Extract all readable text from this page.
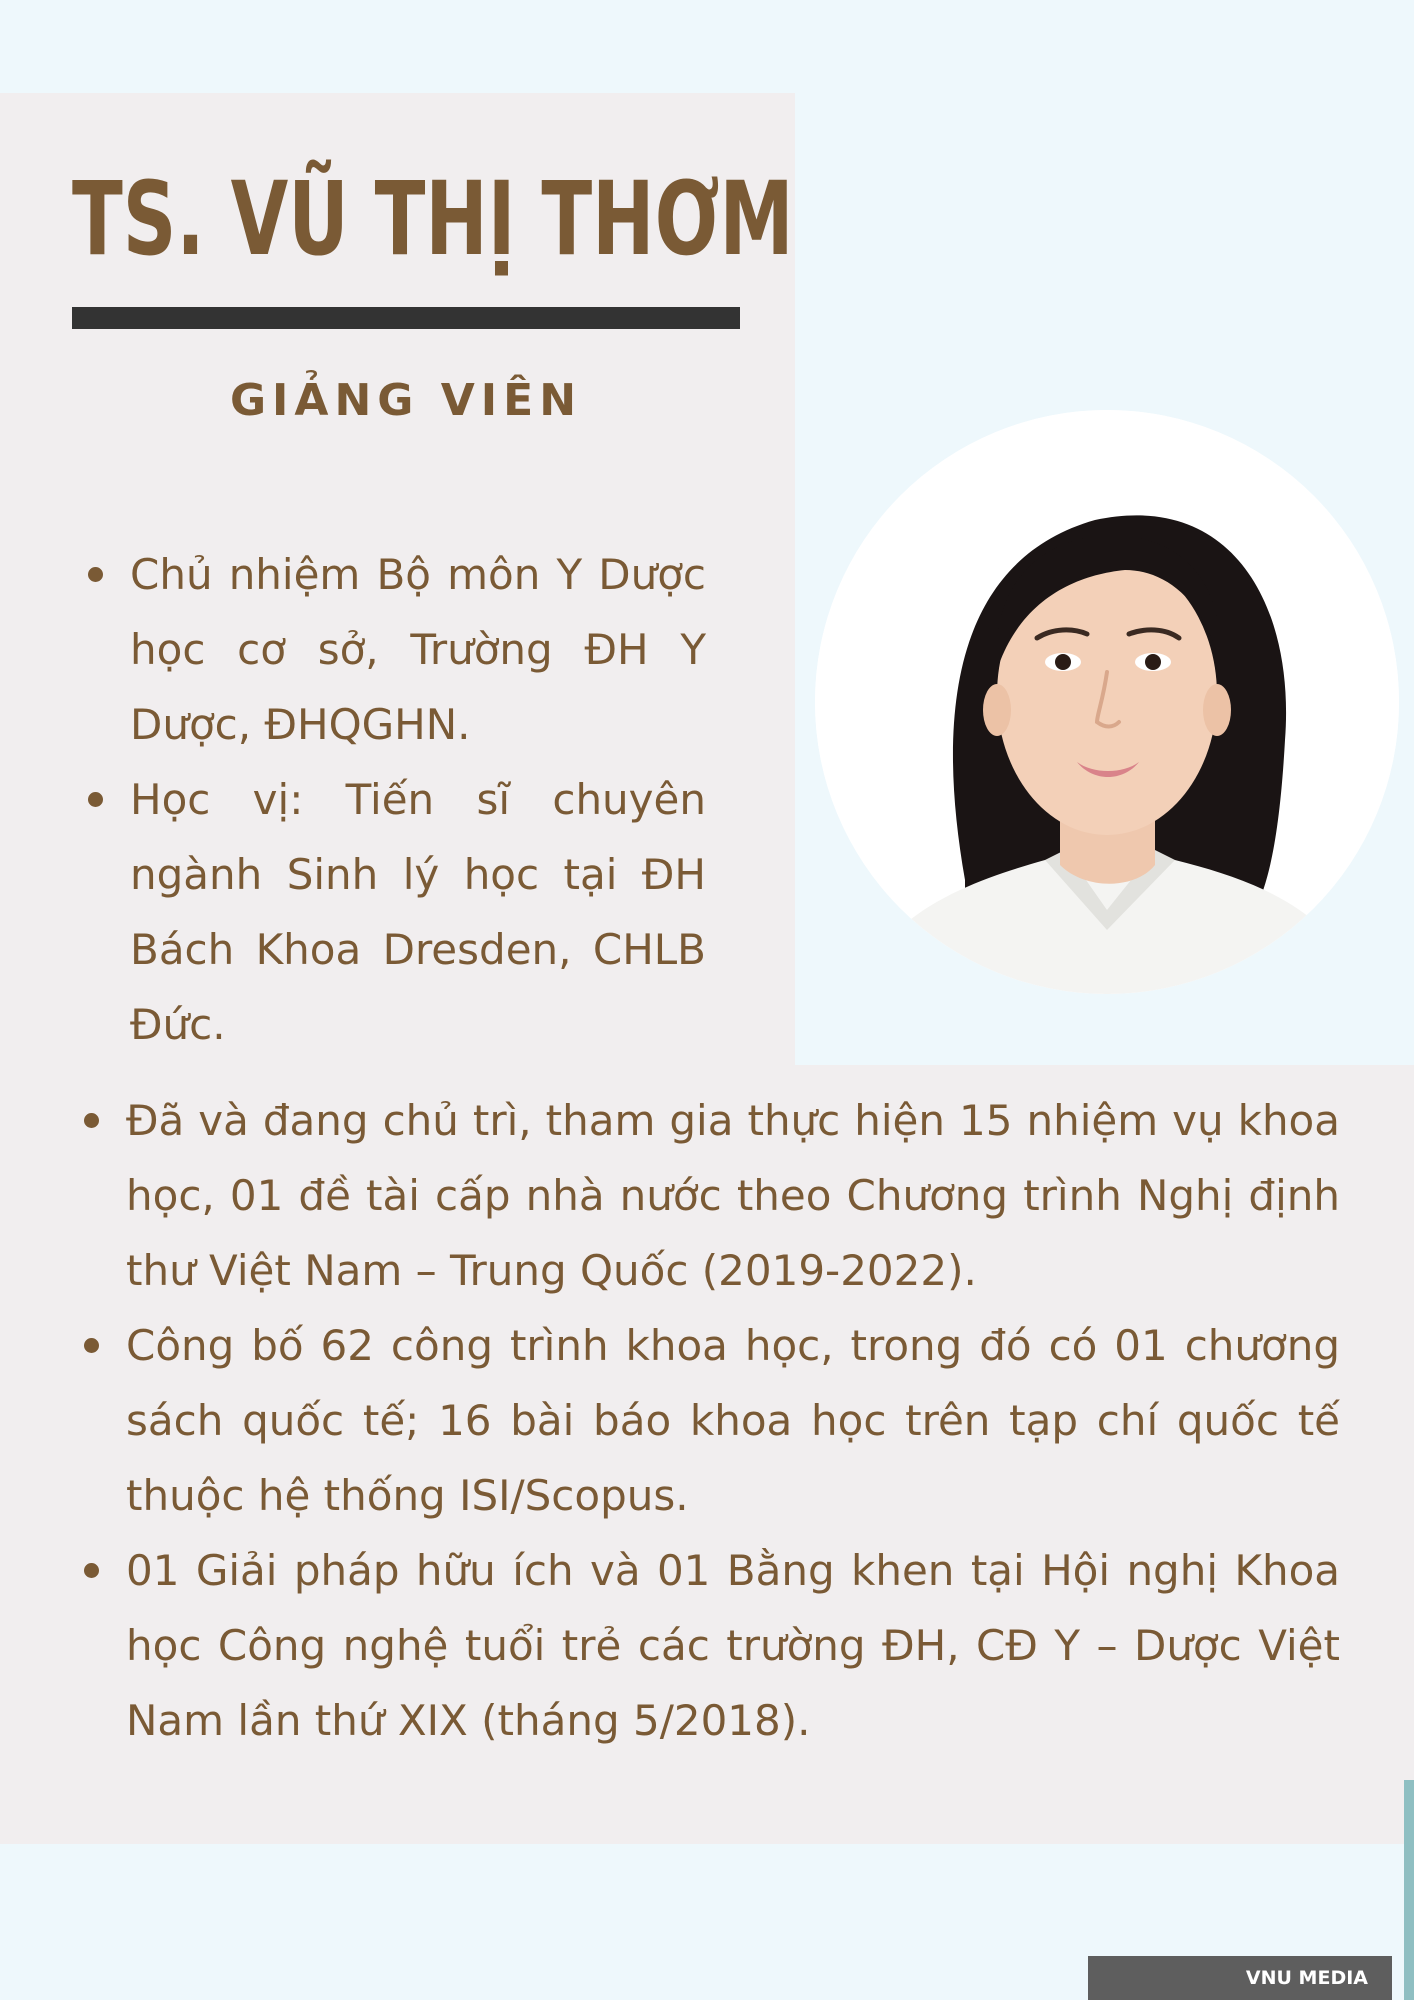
TS. VŨ THỊ THƠM
GIẢNG VIÊN
Chủ nhiệm Bộ môn Y Dược học cơ sở, Trường ĐH Y Dược, ĐHQGHN.
Học vị: Tiến sĩ chuyên ngành Sinh lý học tại ĐH Bách Khoa Dresden, CHLB Đức.
Đã và đang chủ trì, tham gia thực hiện 15 nhiệm vụ khoa học, 01 đề tài cấp nhà nước theo Chương trình Nghị định thư Việt Nam – Trung Quốc (2019-2022).
Công bố 62 công trình khoa học, trong đó có 01 chương sách quốc tế; 16 bài báo khoa học trên tạp chí quốc tế thuộc hệ thống ISI/Scopus.
01 Giải pháp hữu ích và 01 Bằng khen tại Hội nghị Khoa học Công nghệ tuổi trẻ các trường ĐH, CĐ Y – Dược Việt Nam lần thứ XIX (tháng 5/2018).
VNU MEDIA
